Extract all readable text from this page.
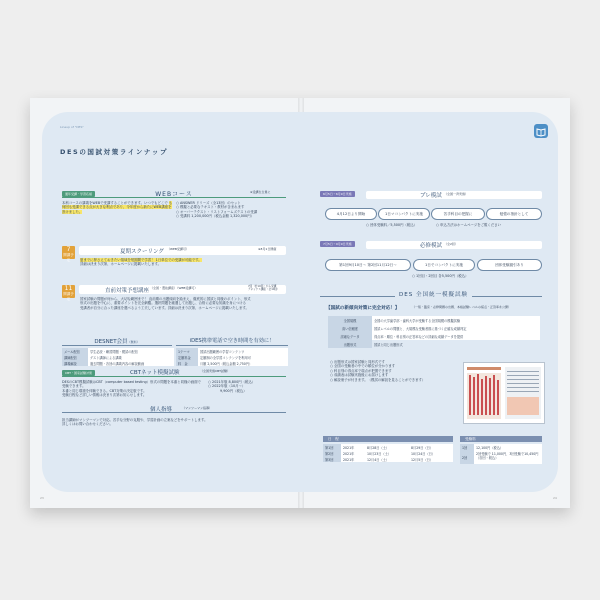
Lineup of "DES"
DESの国試対策ラインナップ
通年受講・学習応援	WEBコース	※受講生全員に
本科コースの講義をWEBで受講することができます。いつでもどこで も何回も受講できる点が大きな利点であり、今年度から新たにWEB講座を設けました。
○ ANSWER ドリーズ（全13回）のセット
○ 模擬と必要なテキスト・教材が含まれます
○ オーバーテクスト・リストフォームズテストの受講
○ 受講料 1,200,000円（税込金額 1,320,000円）
7
開講予定
夏期スクーリング （WEB受講可）	※8月1日開催
夏までに押さえておきたい領域を短期間で学習！ 1日単位での受講が可能です。
詳細は決まり次第、ホームページに掲載いたします。
11
開講予定
直前対策予想講座 （全国・選抜講座）（WEB受講可）	7回（計10回）から受講
アネックス講座（全10回）
国家試験の問題が何から、大切な範囲まで！ 直前期の出題傾向を踏まえ、徹底的に国試と同様のポイント、形式
形式の出題を中心に、重要ポイントを完全網羅。選択問題を厳選して出題し、合格に必要な知識を身につける
受講者が自分に合った講座を選べるよう工夫しています。詳細は決まり次第、ホームページに掲載いたします。
DESNET会員（無料）
メール配信	学生必読・練習問題・模試の配信
講師配信	ゲスト講師による講義
講義解説	過去問題・各回の講義内容の解説動画
iDES携帯電話で空き時間を有効に！
1テーマ	国試出題範囲の学習コンテンツ
定額料金	定額制の全学習コンテンツを利用可
料　金	月額 2,500円（税込金額 2,750円）
CBT・国家試験対策	CBTネット模擬試験	（全国実施CBT試験）
DESのCBT模擬試験はCBT（computer based testing）形式の問題を本番と同様の画面で受験できます。
本番と同じ環境を体験できる。CBT対策の決定版です。
受験日程など詳しい情報は決まり次第お知らせします。
○ 2021年版 8,800円（税込）
○ 2022年版（10月〜）
9,900円（税込）
個人指導	（マンツーマン指導）
担当講師がマンツーマンで対応。苦手な分野の克服や、学習計画の立案などをサポートします。
詳しくはお問い合わせください。
23	24
6月5日〜6月9日実施	プレ模試 （全国一斉実施）
4月12日より開始	1日マコンパクトに実施	苦手科目の把握に	勉強の指針として
○ 団体受験料／5,500円（税込）	○ 申込方法はホームページをご覧ください
7月5日〜9月9日実施	必修模試 （全2回）
第1回9月10日〜 第2回11月12日〜	1日でコンパクトに実施	団体受験割引あり
○ 1回目・2回目 各5,500円（税込）
DES 全国統一模擬試験
【国試の新傾向対策に完全対応！】	（一般・臨床・必修問題の出題、本格試験レベルの採点・正答率を公開）
全国規模	全国の大学歯学部・歯科大学が受験する全国規模の模擬試験
高い信頼度	国試レベルの問題と、大規模な受験者数に基づく正確な成績判定
詳細なデータ	得点率・順位・科目別の正答率などの詳細な成績データを提供
出題形式	国試と同じ出題形式
○ 出題形式は国家試験と同形式です
○ 全国の受験者の中での順位が分かります
○ 科目別の得点率で弱点が把握できます
○ 成績表は試験実施後にお届けします
○ 解説冊子が付きます。（模試の解説を見ることができます）
日　程
第1回	2021年	8月28日（土）	8月29日（日）
第2回	2021年	10月23日（土）	10月24日（日）
第3回	2021年	12月4日（土）	12月5日（日）
受験料
1回	12,100円（税込）
2回	2回受験で 11,000円、3回受験で10,450円（各回・税込）
